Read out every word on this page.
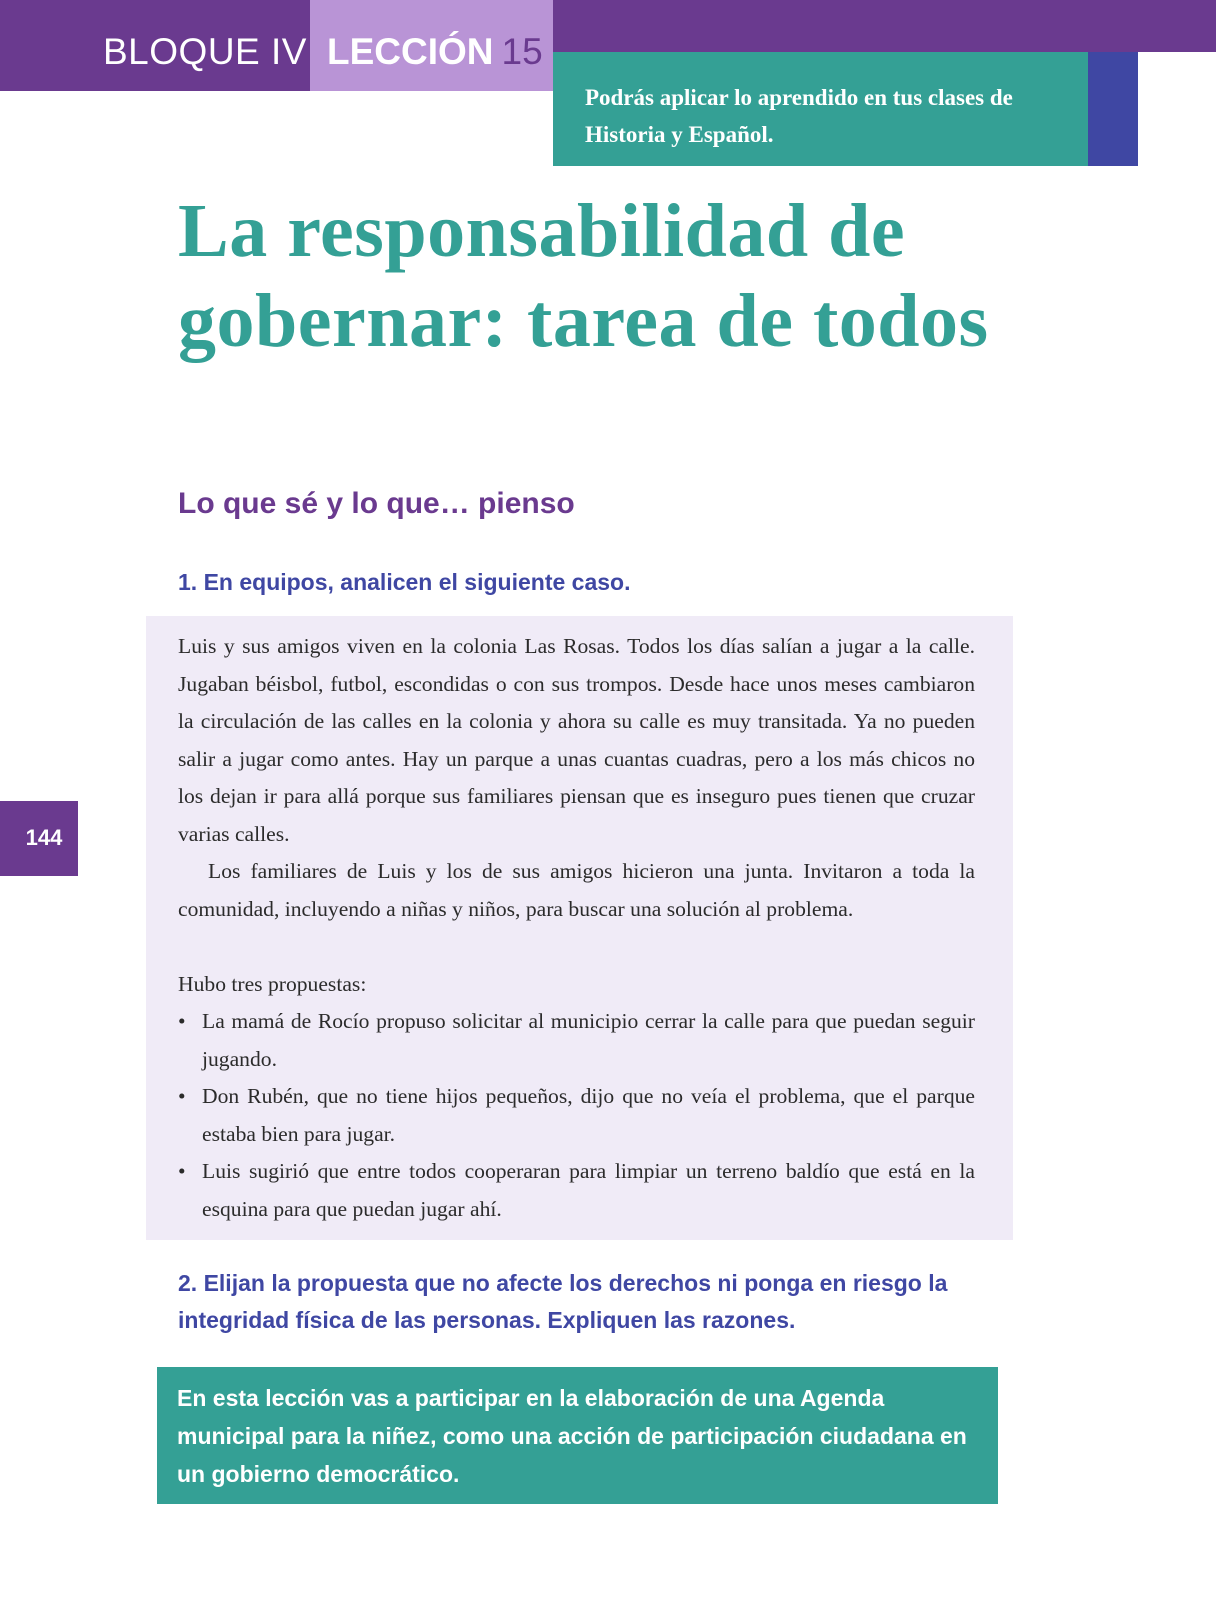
BLOQUE IV LECCIÓN 15
Podrás aplicar lo aprendido en tus clases de Historia y Español.
La responsabilidad de gobernar: tarea de todos
Lo que sé y lo que… pienso

1. En equipos, analicen el siguiente caso.

Luis y sus amigos viven en la colonia Las Rosas. Todos los días salían a jugar a la calle. Jugaban béisbol, futbol, escondidas o con sus trompos. Desde hace unos meses cambiaron la circulación de las calles en la colonia y ahora su calle es muy transitada. Ya no pueden salir a jugar como antes. Hay un parque a unas cuantas cuadras, pero a los más chicos no los dejan ir para allá porque sus familiares piensan que es inseguro pues tienen que cruzar varias calles.

Los familiares de Luis y los de sus amigos hicieron una junta. Invitaron a toda la comunidad, incluyendo a niñas y niños, para buscar una solución al problema.

Hubo tres propuestas:

• La mamá de Rocío propuso solicitar al municipio cerrar la calle para que puedan seguir jugando.
• Don Rubén, que no tiene hijos pequeños, dijo que no veía el problema, que el parque estaba bien para jugar.
• Luis sugirió que entre todos cooperaran para limpiar un terreno baldío que está en la esquina para que puedan jugar ahí.
144

2. Elijan la propuesta que no afecte los derechos ni ponga en riesgo la integridad física de las personas. Expliquen las razones.

En esta lección vas a participar en la elaboración de una Agenda municipal para la niñez, como una acción de participación ciudadana en un gobierno democrático.
